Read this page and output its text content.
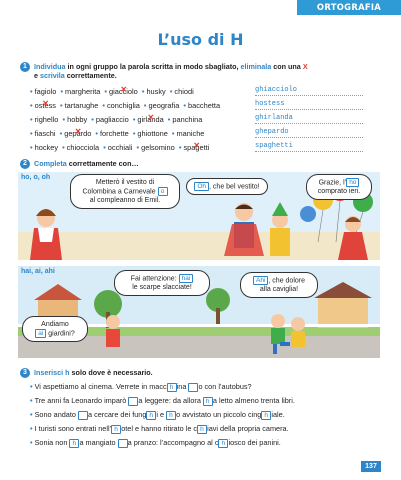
ORTOGRAFIA
L’uso di H
1 Individua in ogni gruppo la parola scritta in modo sbagliato, eliminala con una X
e scrivila correttamente.
• fagiolo • margherita • giacciolo ✕ • husky • chiodi	ghiacciolo
• ostess ✕ • tartarughe • conchiglia • geografia • bacchetta	hostess
• righello • hobby • pagliaccio • girlanda ✕ • panchina	ghirlanda
• fiaschi • gepardo ✕ • forchette • ghiottone • maniche	ghepardo
• hockey • chiocciola • occhiali • gelsomino • spagetti ✕	spaghetti
2 Completa correttamente con…
ho, o, oh
Metterò il vestito di
Colombina a Carnevale o
al compleanno di Emil.
Oh , che bel vestito!
Grazie, l’ ho
comprato ieri.
hai, ai, ahi
Fai attenzione: hai
le scarpe slacciate!
Ahi , che dolore
alla caviglia!
Andiamo
ai giardini?
3 Inserisci h solo dove è necessario.
• Vi aspettiamo al cinema. Verrete in macc h ina o con l’autobus?
• Tre anni fa Leonardo imparò a leggere: da allora h a letto almeno trenta libri.
• Sono andato a cercare dei fung h i e h o avvistato un piccolo cing h iale.
• I turisti sono entrati nell’ h otel e hanno ritirato le c h iavi della propria camera.
• Sonia non h a mangiato a pranzo: l’accompagno al c h iosco dei panini.
137
